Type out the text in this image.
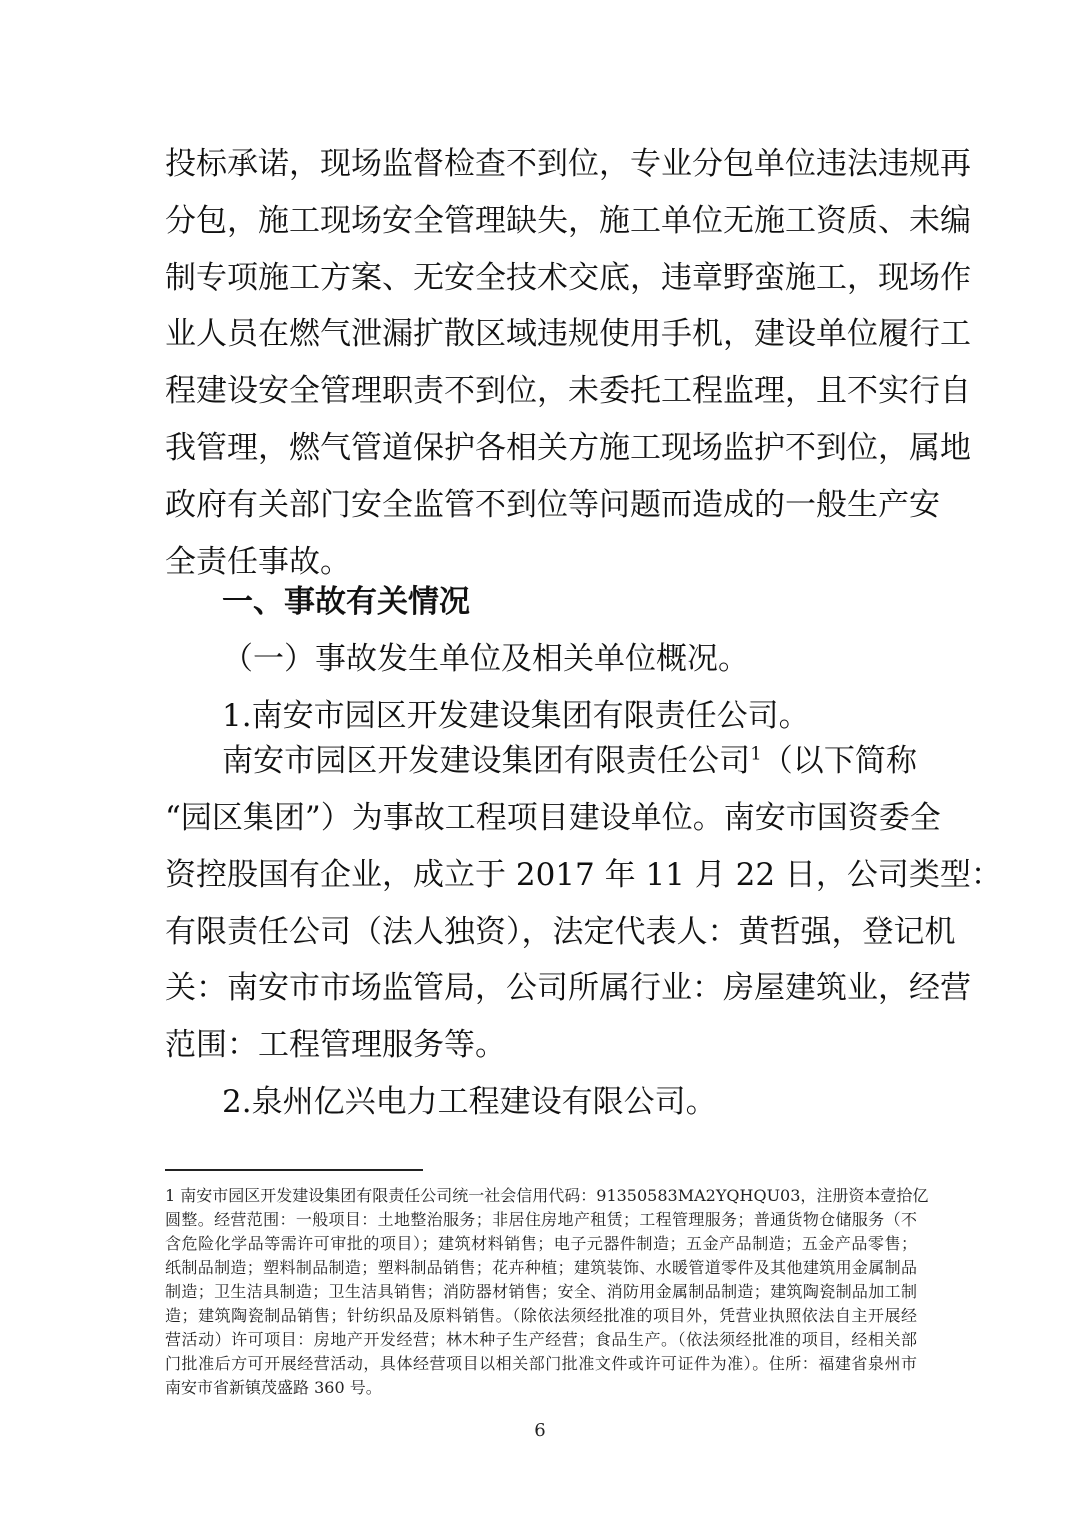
投标承诺，现场监督检查不到位，专业分包单位违法违规再
分包，施工现场安全管理缺失，施工单位无施工资质、未编
制专项施工方案、无安全技术交底，违章野蛮施工，现场作
业人员在燃气泄漏扩散区域违规使用手机，建设单位履行工
程建设安全管理职责不到位，未委托工程监理，且不实行自
我管理，燃气管道保护各相关方施工现场监护不到位，属地
政府有关部门安全监管不到位等问题而造成的一般生产安
全责任事故。
一、事故有关情况
（一）事故发生单位及相关单位概况。
1.南安市园区开发建设集团有限责任公司。
南安市园区开发建设集团有限责任公司$^1$（以下简称
“园区集团”）为事故工程项目建设单位。南安市国资委全
资控股国有企业，成立于 2017 年 11 月 22 日，公司类型：
有限责任公司（法人独资），法定代表人：黄哲强，登记机
关：南安市市场监管局，公司所属行业：房屋建筑业，经营
范围：工程管理服务等。
2.泉州亿兴电力工程建设有限公司。
1 南安市园区开发建设集团有限责任公司统一社会信用代码：91350583MA2YQHQU03，注册资本壹拾亿
圆整。经营范围：一般项目：土地整治服务；非居住房地产租赁；工程管理服务；普通货物仓储服务（不
含危险化学品等需许可审批的项目）；建筑材料销售；电子元器件制造；五金产品制造；五金产品零售；
纸制品制造；塑料制品制造；塑料制品销售；花卉种植；建筑装饰、水暖管道零件及其他建筑用金属制品
制造；卫生洁具制造；卫生洁具销售；消防器材销售；安全、消防用金属制品制造；建筑陶瓷制品加工制
造；建筑陶瓷制品销售；针纺织品及原料销售。（除依法须经批准的项目外，凭营业执照依法自主开展经
营活动）许可项目：房地产开发经营；林木种子生产经营；食品生产。（依法须经批准的项目，经相关部
门批准后方可开展经营活动，具体经营项目以相关部门批准文件或许可证件为准）。住所：福建省泉州市
南安市省新镇茂盛路 360 号。
6
